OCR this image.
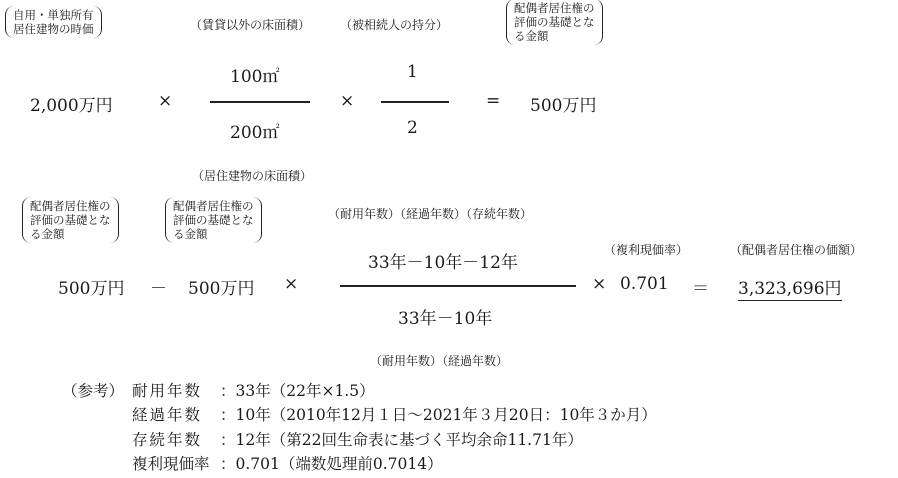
自用・単独所有
居住建物の時価	（賃貸以外の床面積） （被相続人の持分）
配偶者居住権の
評価の基礎とな
る金額
2,000万円	×
100㎡
200㎡
×
1
2
= 500万円
（居住建物の床面積）
配偶者居住権の
評価の基礎とな
る金額
配偶者居住権の
評価の基礎とな
る金額
（耐用年数）（経過年数）（存続年数）
（複利現価率）	（配偶者居住権の価額）
33年－10年－12年
33年－10年
500万円 － 500万円 ×	× 0.701 ＝ 3,323,696円
（耐用年数）（経過年数）
（参考） 耐用年数 ：33年（22年×1.5）
経過年数 ：10年（2010年12月１日～2021年３月20日：10年３か月）
存続年数 ：12年（第22回生命表に基づく平均余命11.71年）
複利現価率 ：0.701（端数処理前0.7014）
